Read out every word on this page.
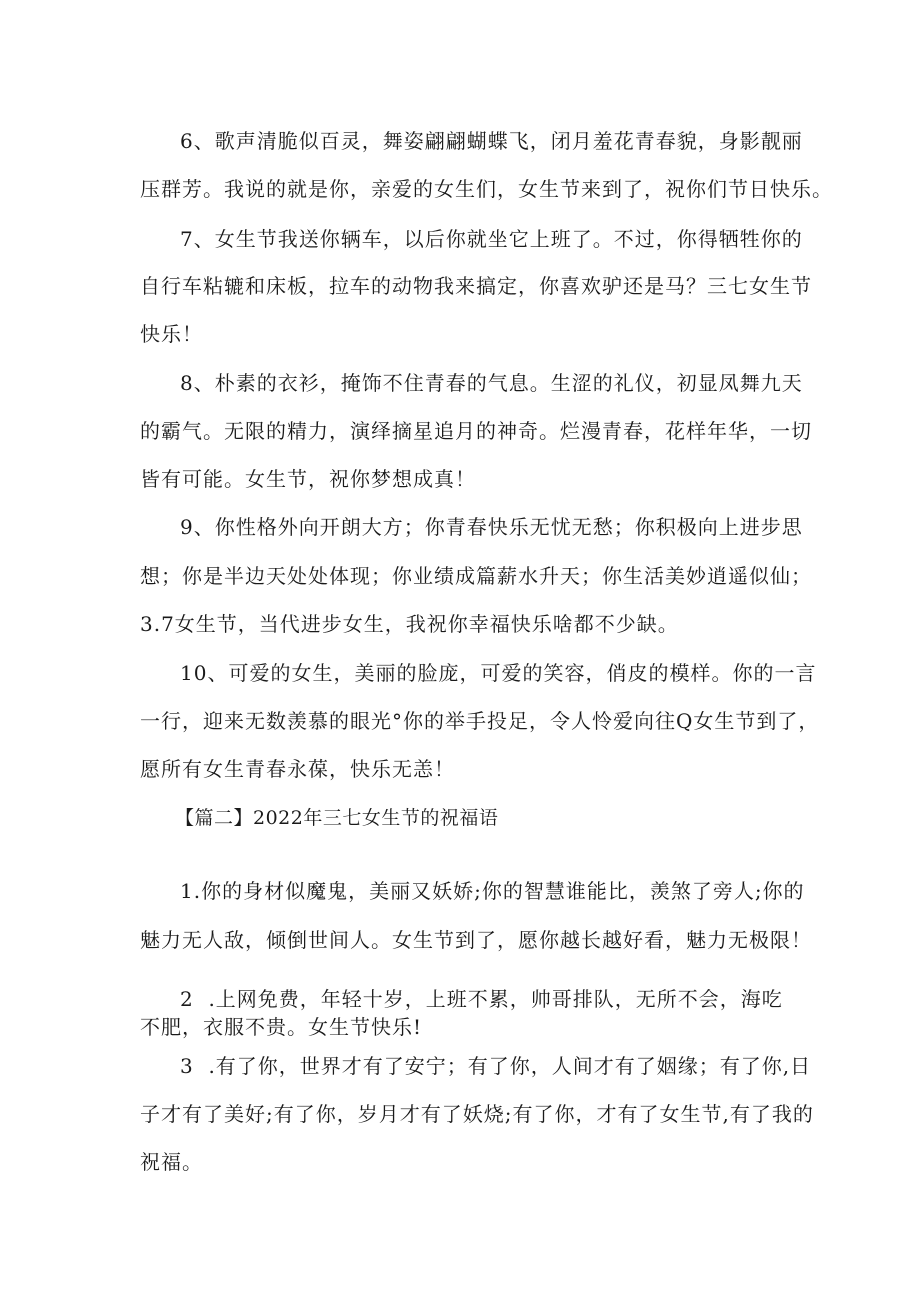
6、歌声清脆似百灵，舞姿翩翩蝴蝶飞，闭月羞花青春貌，身影靓丽
压群芳。我说的就是你，亲爱的女生们，女生节来到了，祝你们节日快乐。
7、女生节我送你辆车，以后你就坐它上班了。不过，你得牺牲你的
自行车粘辘和床板，拉车的动物我来搞定，你喜欢驴还是马？三七女生节
快乐！
8、朴素的衣衫，掩饰不住青春的气息。生涩的礼仪，初显凤舞九天
的霸气。无限的精力，演绎摘星追月的神奇。烂漫青春，花样年华，一切
皆有可能。女生节，祝你梦想成真！
9、你性格外向开朗大方；你青春快乐无忧无愁；你积极向上进步思
想；你是半边天处处体现；你业绩成篇薪水升天；你生活美妙逍遥似仙；
3.7女生节，当代进步女生，我祝你幸福快乐啥都不少缺。
10、可爱的女生，美丽的脸庞，可爱的笑容，俏皮的模样。你的一言
一行，迎来无数羡慕的眼光°你的举手投足，令人怜爱向往Q女生节到了，
愿所有女生青春永葆，快乐无恙！
【篇二】2022年三七女生节的祝福语
1.你的身材似魔鬼，美丽又妖娇;你的智慧谁能比，羡煞了旁人;你的
魅力无人敌，倾倒世间人。女生节到了，愿你越长越好看，魅力无极限！
2  .上网免费，年轻十岁，上班不累，帅哥排队，无所不会，海吃
不肥，衣服不贵。女生节快乐!
3  .有了你，世界才有了安宁；有了你，人间才有了姻缘；有了你,日
子才有了美好;有了你，岁月才有了妖烧;有了你，才有了女生节,有了我的
祝福。
